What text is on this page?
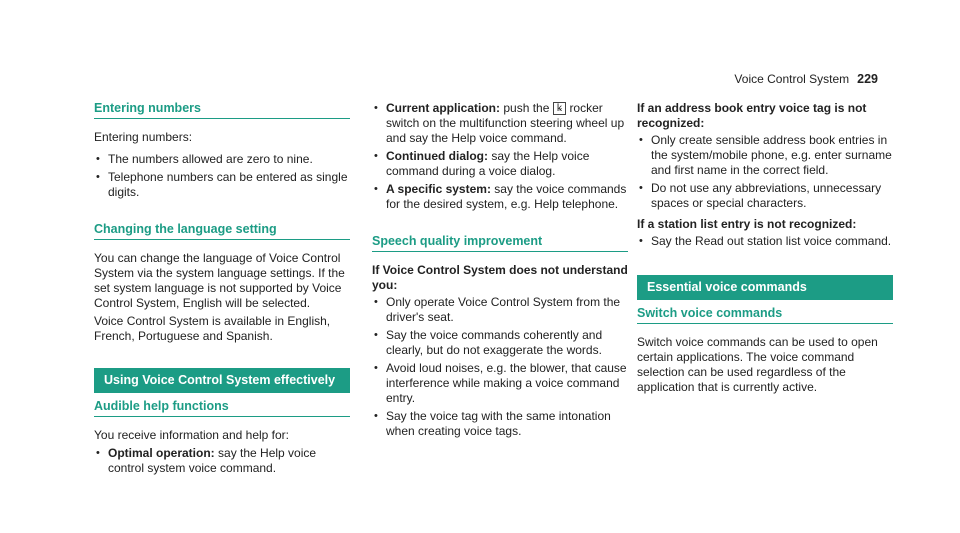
Voice Control System 229
Entering numbers

Entering numbers:

• The numbers allowed are zero to nine.
• Telephone numbers can be entered as single digits.
Changing the language setting

You can change the language of Voice Control System via the system language settings. If the set system language is not supported by Voice Control System, English will be selected.

Voice Control System is available in English, French, Portuguese and Spanish.

Using Voice Control System effectively
Audible help functions

You receive information and help for:

• Optimal operation: say the Help voice control system voice command.
• Current application: push the ꝃ rocker switch on the multifunction steering wheel up and say the Help voice command.
• Continued dialog: say the Help voice command during a voice dialog.
• A specific system: say the voice commands for the desired system, e.g. Help telephone.
Speech quality improvement
If Voice Control System does not understand you:
• Only operate Voice Control System from the driver's seat.
• Say the voice commands coherently and clearly, but do not exaggerate the words.
• Avoid loud noises, e.g. the blower, that cause interference while making a voice command entry.
• Say the voice tag with the same intonation when creating voice tags.
If an address book entry voice tag is not recognized:
• Only create sensible address book entries in the system/mobile phone, e.g. enter surname and first name in the correct field.
• Do not use any abbreviations, unnecessary spaces or special characters.
If a station list entry is not recognized:
• Say the Read out station list voice command.
Essential voice commands
Switch voice commands

Switch voice commands can be used to open certain applications. The voice command selection can be used regardless of the application that is currently active.
